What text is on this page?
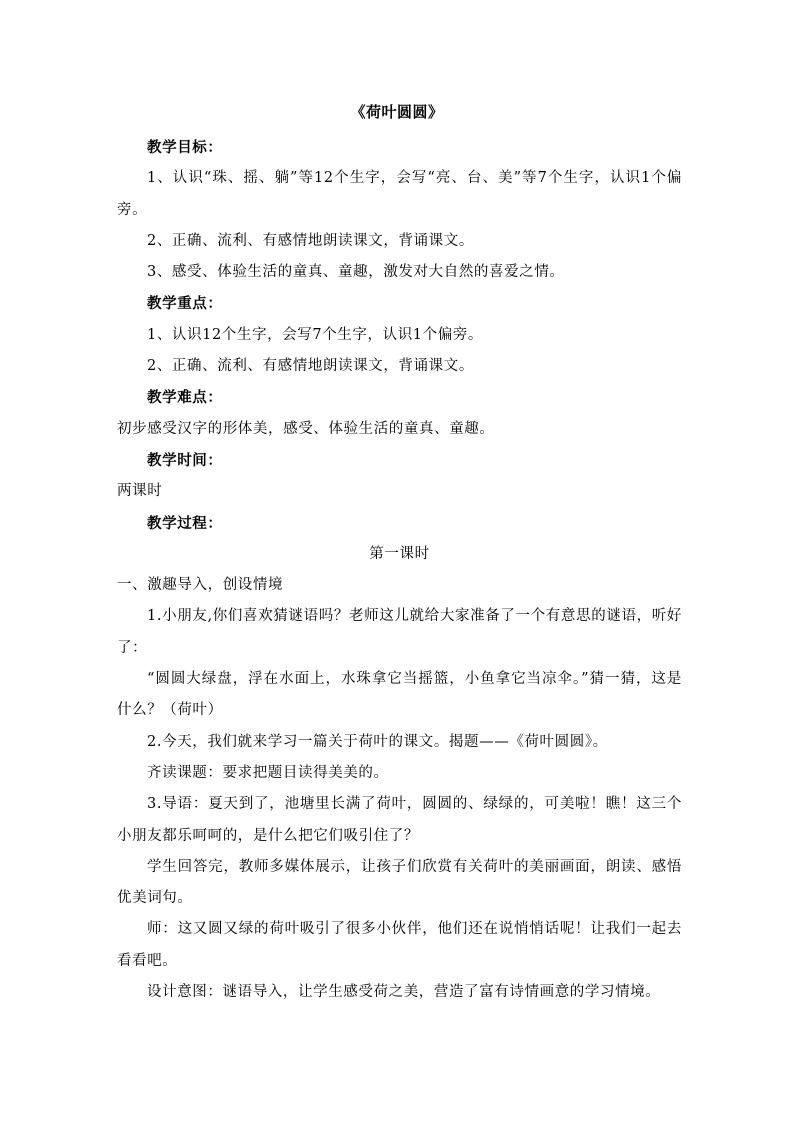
《荷叶圆圆》

教学目标：

1、认识“珠、摇、躺”等12个生字，会写“亮、台、美”等7个生字，认识1个偏旁。

2、正确、流利、有感情地朗读课文，背诵课文。

3、感受、体验生活的童真、童趣，激发对大自然的喜爱之情。

教学重点：

1、认识12个生字，会写7个生字，认识1个偏旁。

2、正确、流利、有感情地朗读课文，背诵课文。

教学难点：

初步感受汉字的形体美，感受、体验生活的童真、童趣。

教学时间：

两课时

教学过程：

第一课时

一、激趣导入，创设情境

1.小朋友,你们喜欢猜谜语吗？老师这儿就给大家准备了一个有意思的谜语，听好了：

“圆圆大绿盘，浮在水面上，水珠拿它当摇篮，小鱼拿它当凉伞。”猜一猜，这是什么？（荷叶）

2.今天，我们就来学习一篇关于荷叶的课文。揭题——《荷叶圆圆》。

齐读课题：要求把题目读得美美的。

3.导语：夏天到了，池塘里长满了荷叶，圆圆的、绿绿的，可美啦！瞧！这三个小朋友都乐呵呵的，是什么把它们吸引住了？

学生回答完，教师多媒体展示，让孩子们欣赏有关荷叶的美丽画面，朗读、感悟优美词句。

师：这又圆又绿的荷叶吸引了很多小伙伴，他们还在说悄悄话呢！让我们一起去看看吧。

设计意图：谜语导入，让学生感受荷之美，营造了富有诗情画意的学习情境。
